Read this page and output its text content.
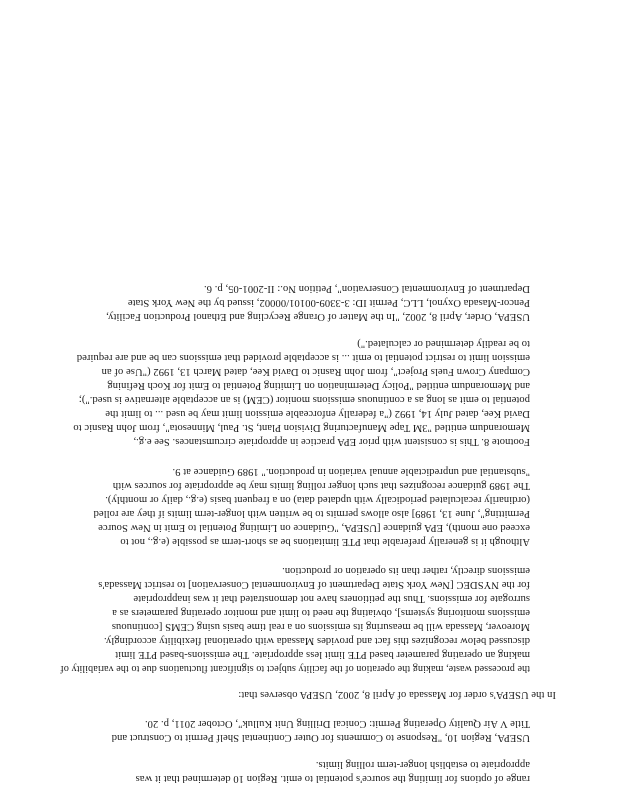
range of options for limiting the source's potential to emit. Region 10 determined that it was
appropriate to establish longer-term rolling limits.
USEPA, Region 10, "Response to Comments for Outer Continental Shelf Permit to Construct and
Title V Air Quality Operating Permit: Conical Drilling Unit Kulluk", October 2011, p. 20.
In the USEPA's order for Massada of April 8, 2002, USEPA observes that:
the processed waste, making the operation of the facility subject to significant fluctuations due to the variability of
making an operating parameter based PTE limit less appropriate. The emissions-based PTE limit
discussed below recognizes this fact and provides Massada with operational flexibility accordingly.
Moreover, Massada will be measuring its emissions on a real time basis using CEMS [continuous
emissions monitoring systems], obviating the need to limit and monitor operating parameters as a
surrogate for emissions. Thus the petitioners have not demonstrated that it was inappropriate
for the NYSDEC [New York State Department of Environmental Conservation] to restrict Massada's
emissions directly, rather than its operation or production.
Although it is generally preferable that PTE limitations be as short-term as possible (e.g., not to
exceed one month), EPA guidance [USEPA, "Guidance on Limiting Potential to Emit in New Source
Permitting", June 13, 1989] also allows permits to be written with longer-term limits if they are rolled
(ordinarily recalculated periodically with updated data) on a frequent basis (e.g., daily or monthly).
The 1989 guidance recognizes that such longer rolling limits may be appropriate for sources with
"substantial and unpredictable annual variation in production." 1989 Guidance at 9.
Footnote 8. This is consistent with prior EPA practice in appropriate circumstances. See e.g.,
Memorandum entitled "3M Tape Manufacturing Division Plant, St. Paul, Minnesota", from John Rasnic to
David Kee, dated July 14, 1992 ("a federally enforceable emission limit may be used ... to limit the
potential to emit as long as a continuous emissions monitor (CEM) is an acceptable alternative is used.");
and Memorandum entitled "Policy Determination on Limiting Potential to Emit for Koch Refining
Company Crown Fuels Project", from John Rasnic to David Kee, dated March 13, 1992 ("Use of an
emission limit to restrict potential to emit ... is acceptable provided that emissions can be and are required
to be readily determined or calculated.")
USEPA, Order, April 8, 2002, "In the Matter of Orange Recycling and Ethanol Production Facility,
Pencor-Masada Oxynol, LLC, Permit ID: 3-3309-00101/00002, issued by the New York State
Department of Environmental Conservation", Petition No.: II-2001-05, p. 6.
